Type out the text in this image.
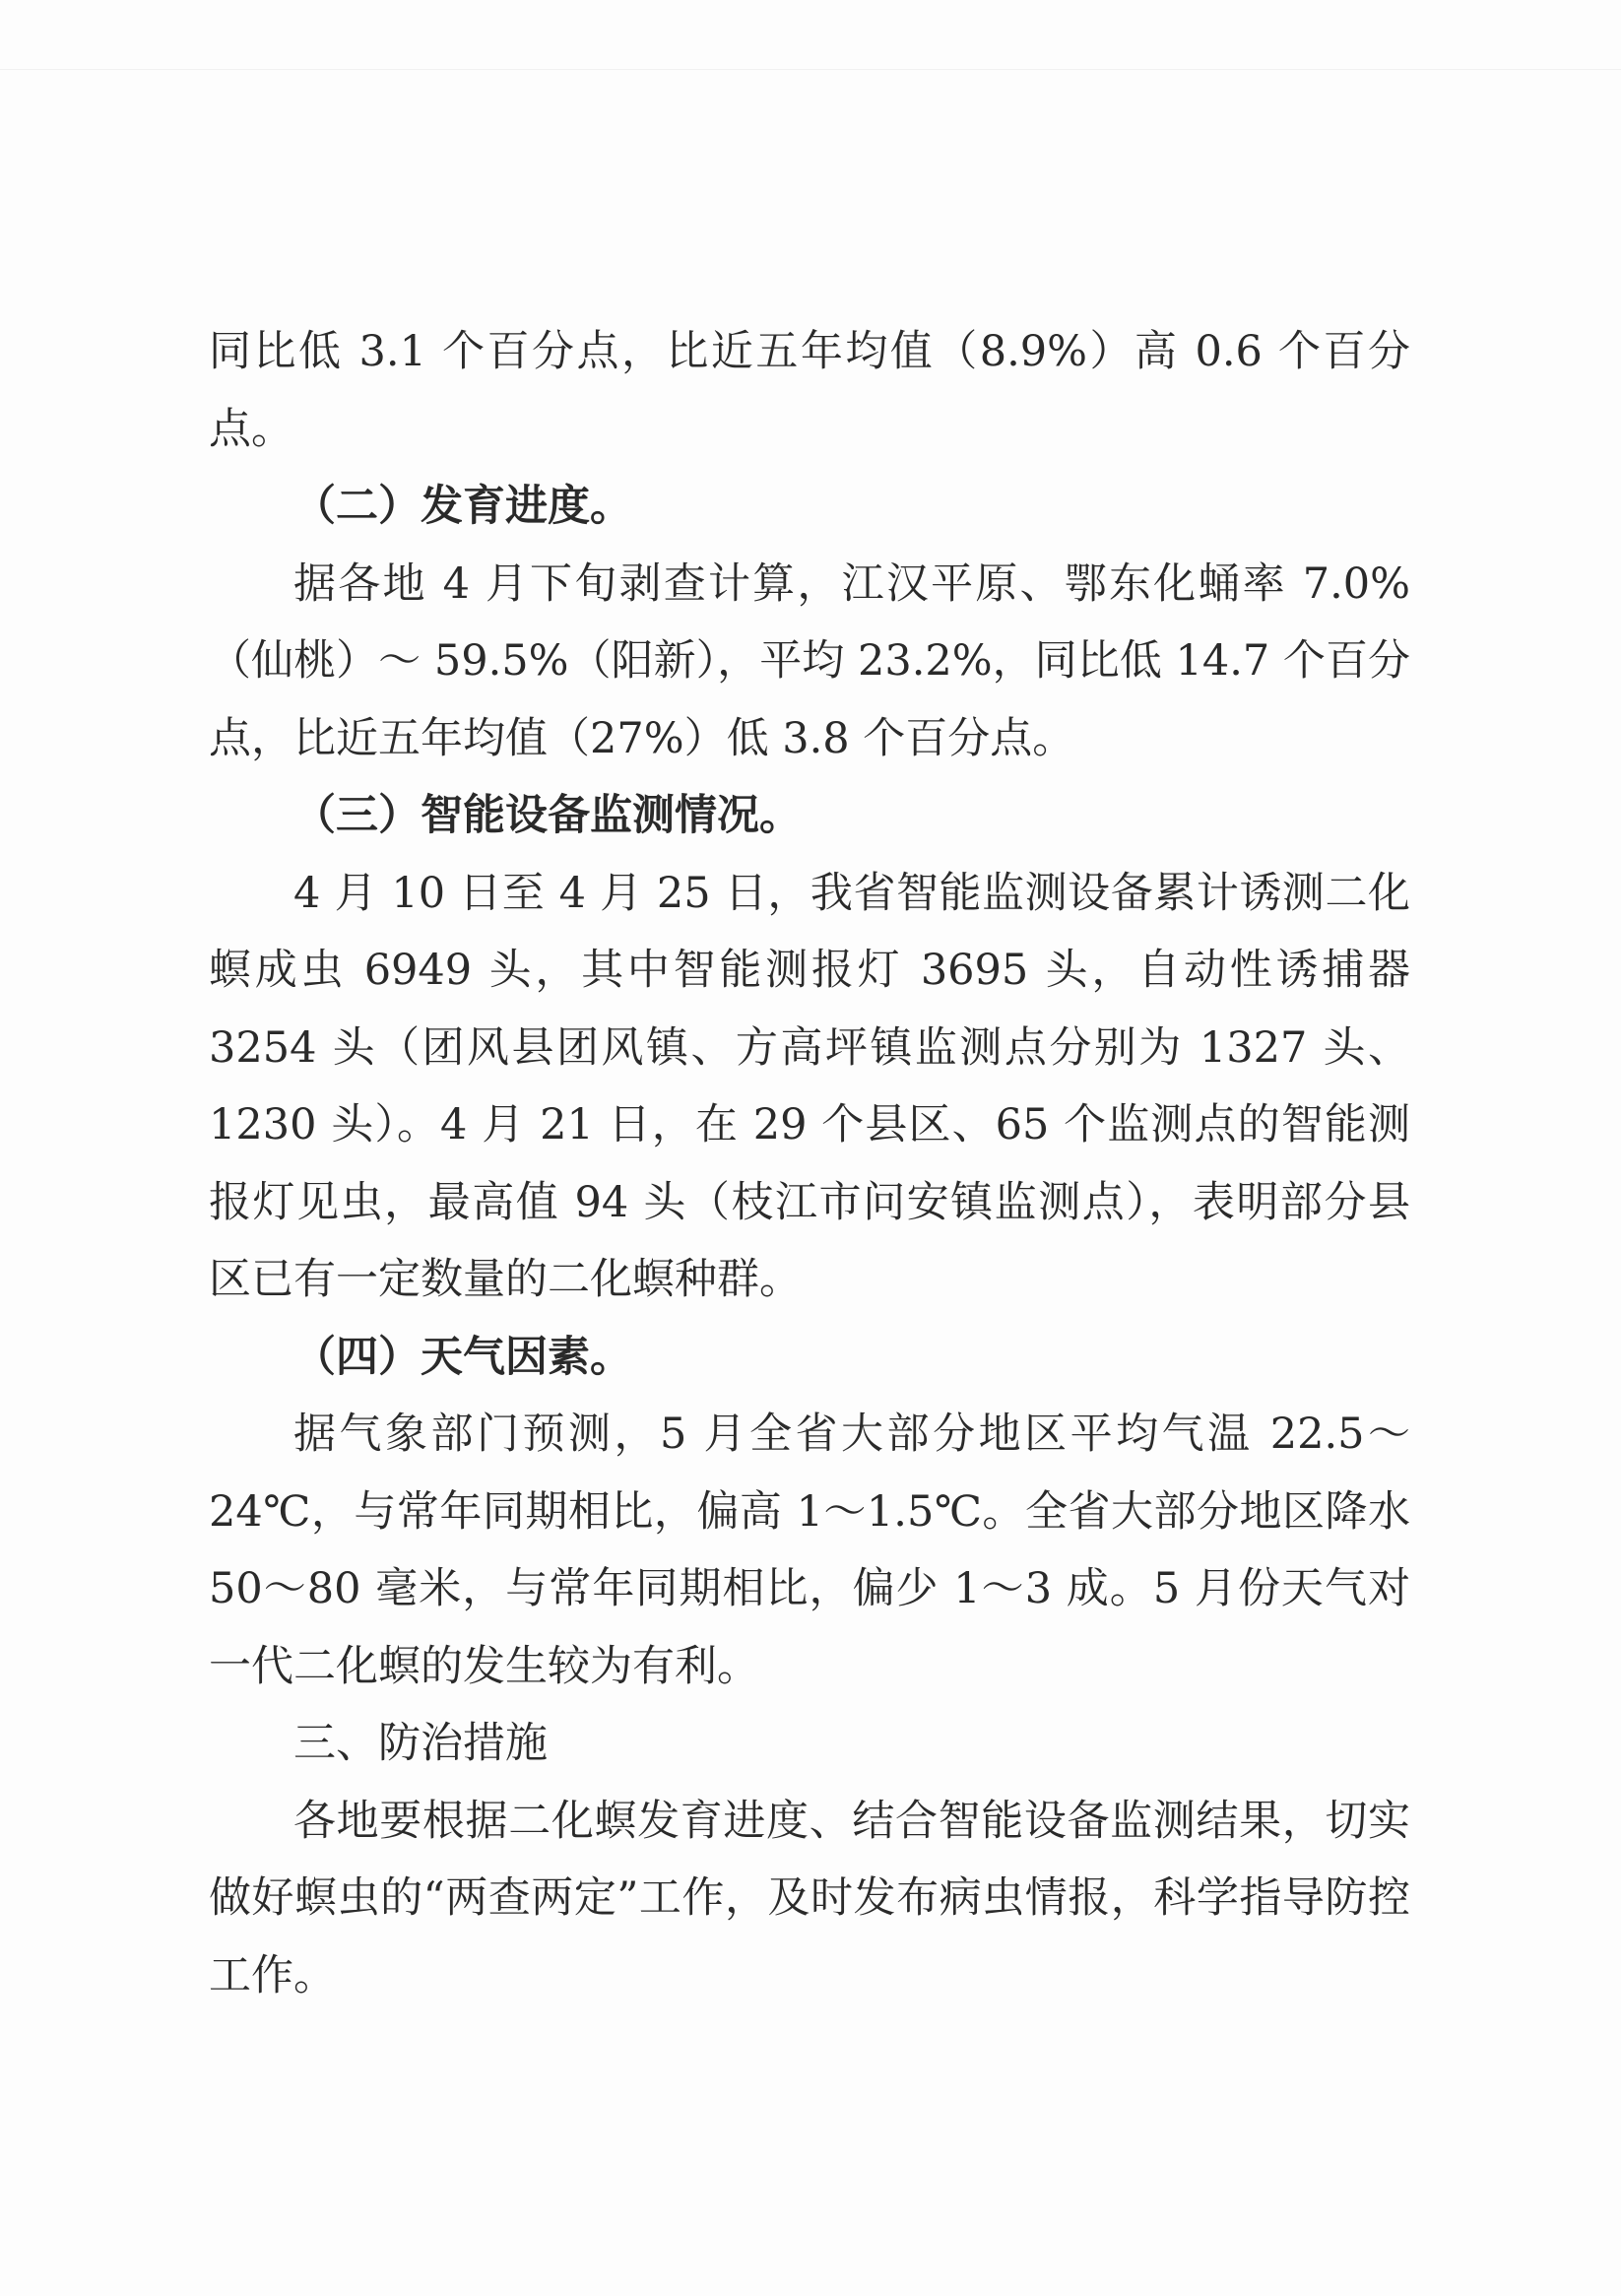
同比低 3.1 个百分点，比近五年均值（8.9%）高 0.6 个百分点。

（二）发育进度。

据各地 4 月下旬剥查计算，江汉平原、鄂东化蛹率 7.0%（仙桃）～ 59.5%（阳新），平均 23.2%，同比低 14.7 个百分点，比近五年均值（27%）低 3.8 个百分点。

（三）智能设备监测情况。

4 月 10 日至 4 月 25 日，我省智能监测设备累计诱测二化螟成虫 6949 头，其中智能测报灯 3695 头，自动性诱捕器 3254 头（团风县团风镇、方高坪镇监测点分别为 1327 头、1230 头）。4 月 21 日，在 29 个县区、65 个监测点的智能测报灯见虫，最高值 94 头（枝江市问安镇监测点），表明部分县区已有一定数量的二化螟种群。

（四）天气因素。

据气象部门预测，5 月全省大部分地区平均气温 22.5～24℃，与常年同期相比，偏高 1～1.5℃。全省大部分地区降水 50～80 毫米，与常年同期相比，偏少 1～3 成。5 月份天气对一代二化螟的发生较为有利。

三、防治措施

各地要根据二化螟发育进度、结合智能设备监测结果，切实做好螟虫的“两查两定”工作，及时发布病虫情报，科学指导防控工作。
